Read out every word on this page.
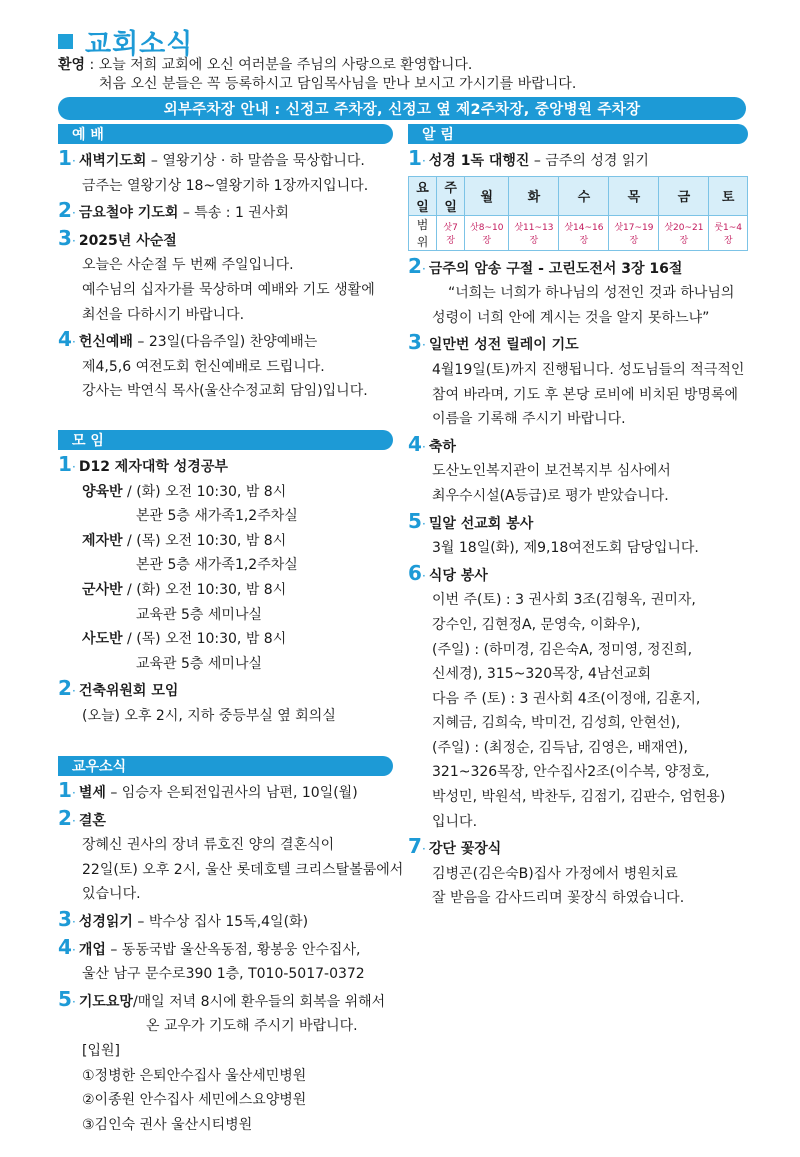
교회소식
환영 : 오늘 저희 교회에 오신 여러분을 주님의 사랑으로 환영합니다.
처음 오신 분들은 꼭 등록하시고 담임목사님을 만나 보시고 가시기를 바랍니다.
외부주차장 안내 : 신정고 주차장, 신정고 옆 제2주차장, 중앙병원 주차장
예 배
1· 새벽기도회 – 열왕기상 · 하 말씀을 묵상합니다.
금주는 열왕기상 18~열왕기하 1장까지입니다.
2· 금요철야 기도회 – 특송 : 1 권사회
3· 2025년 사순절
오늘은 사순절 두 번째 주일입니다.
예수님의 십자가를 묵상하며 예배와 기도 생활에
최선을 다하시기 바랍니다.
4· 헌신예배 – 23일(다음주일) 찬양예배는
제4,5,6 여전도회 헌신예배로 드립니다.
강사는 박연식 목사(울산수정교회 담임)입니다.
모 임
1· D12 제자대학 성경공부
양육반 / (화) 오전 10:30, 밤 8시
본관 5층 새가족1,2주차실
제자반 / (목) 오전 10:30, 밤 8시
본관 5층 새가족1,2주차실
군사반 / (화) 오전 10:30, 밤 8시
교육관 5층 세미나실
사도반 / (목) 오전 10:30, 밤 8시
교육관 5층 세미나실
2· 건축위원회 모임
(오늘) 오후 2시, 지하 중등부실 옆 회의실
교우소식
1· 별세 – 임승자 은퇴전입권사의 남편, 10일(월)
2· 결혼
장혜신 권사의 장녀 류호진 양의 결혼식이
22일(토) 오후 2시, 울산 롯데호텔 크리스탈볼룸에서
있습니다.
3· 성경읽기 – 박수상 집사 15독,4일(화)
4· 개업 – 동동국밥 울산옥동점, 황봉웅 안수집사,
울산 남구 문수로390 1층, T010-5017-0372
5· 기도요망/매일 저녁 8시에 환우들의 회복을 위해서
온 교우가 기도해 주시기 바랍니다.
[입원]
①정병한 은퇴안수집사 울산세민병원
②이종원 안수집사 세민에스요양병원
③김인숙 권사 울산시티병원
알 림
1· 성경 1독 대행진 – 금주의 성경 읽기
요일	주일	월	화	수	목	금	토
범위	삿7장	삿8~10장	삿11~13장	삿14~16장	삿17~19장	삿20~21장	룻1~4장
2· 금주의 암송 구절 - 고린도전서 3장 16절
“너희는 너희가 하나님의 성전인 것과 하나님의
성령이 너희 안에 계시는 것을 알지 못하느냐”
3· 일만번 성전 릴레이 기도
4월19일(토)까지 진행됩니다. 성도님들의 적극적인
참여 바라며, 기도 후 본당 로비에 비치된 방명록에
이름을 기록해 주시기 바랍니다.
4· 축하
도산노인복지관이 보건복지부 심사에서
최우수시설(A등급)로 평가 받았습니다.
5· 밀알 선교회 봉사
3월 18일(화), 제9,18여전도회 담당입니다.
6· 식당 봉사
이번 주(토) : 3 권사회 3조(김형옥, 권미자,
강수인, 김현정A, 문영숙, 이화우),
(주일) : (하미경, 김은숙A, 정미영, 정진희,
신세경), 315~320목장, 4남선교회
다음 주 (토) : 3 권사회 4조(이정애, 김훈지,
지혜금, 김희숙, 박미건, 김성희, 안현선),
(주일) : (최정순, 김득남, 김영은, 배재연),
321~326목장, 안수집사2조(이수복, 양정호,
박성민, 박원석, 박찬두, 김점기, 김판수, 엄헌용)
입니다.
7· 강단 꽃장식
김병곤(김은숙B)집사 가정에서 병원치료
잘 받음을 감사드리며 꽃장식 하였습니다.
